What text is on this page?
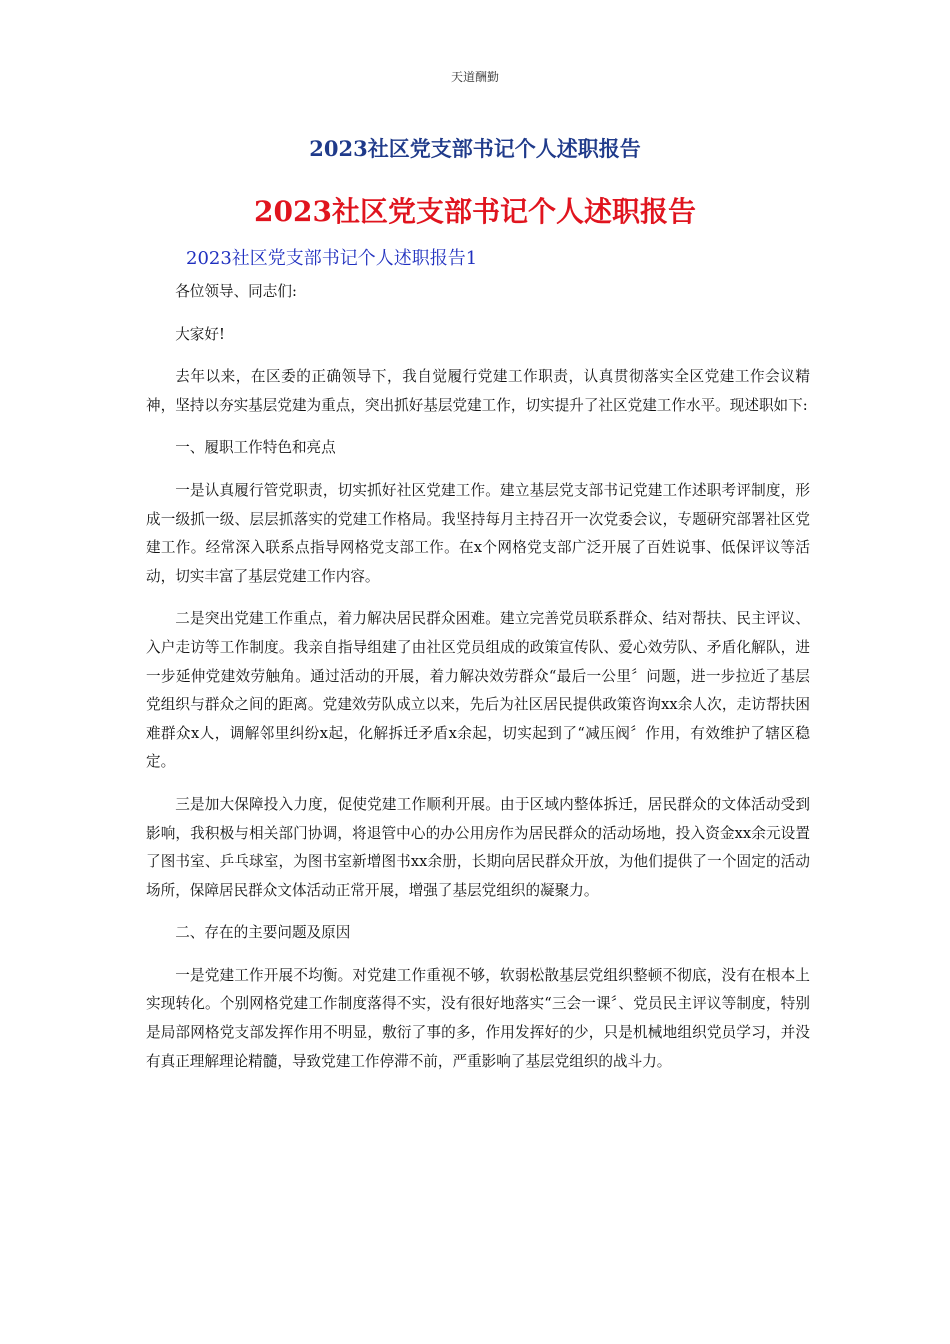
天道酬勤
2023社区党支部书记个人述职报告
2023社区党支部书记个人述职报告
2023社区党支部书记个人述职报告1

各位领导、同志们:

大家好!

去年以来，在区委的正确领导下，我自觉履行党建工作职责，认真贯彻落实全区党建工作会议精神，坚持以夯实基层党建为重点，突出抓好基层党建工作，切实提升了社区党建工作水平。现述职如下:

一、履职工作特色和亮点

一是认真履行管党职责，切实抓好社区党建工作。建立基层党支部书记党建工作述职考评制度，形成一级抓一级、层层抓落实的党建工作格局。我坚持每月主持召开一次党委会议，专题研究部署社区党建工作。经常深入联系点指导网格党支部工作。在x个网格党支部广泛开展了百姓说事、低保评议等活动，切实丰富了基层党建工作内容。

二是突出党建工作重点，着力解决居民群众困难。建立完善党员联系群众、结对帮扶、民主评议、入户走访等工作制度。我亲自指导组建了由社区党员组成的政策宣传队、爱心效劳队、矛盾化解队，进一步延伸党建效劳触角。通过活动的开展，着力解决效劳群众“最后一公里〞问题，进一步拉近了基层党组织与群众之间的距离。党建效劳队成立以来，先后为社区居民提供政策咨询xx余人次，走访帮扶困难群众x人，调解邻里纠纷x起，化解拆迁矛盾x余起，切实起到了“减压阀〞作用，有效维护了辖区稳定。

三是加大保障投入力度，促使党建工作顺利开展。由于区域内整体拆迁，居民群众的文体活动受到影响，我积极与相关部门协调，将退管中心的办公用房作为居民群众的活动场地，投入资金xx余元设置了图书室、乒乓球室，为图书室新增图书xx余册，长期向居民群众开放，为他们提供了一个固定的活动场所，保障居民群众文体活动正常开展，增强了基层党组织的凝聚力。

二、存在的主要问题及原因

一是党建工作开展不均衡。对党建工作重视不够，软弱松散基层党组织整顿不彻底，没有在根本上实现转化。个别网格党建工作制度落得不实，没有很好地落实“三会一课〞、党员民主评议等制度，特别是局部网格党支部发挥作用不明显，敷衍了事的多，作用发挥好的少，只是机械地组织党员学习，并没有真正理解理论精髓，导致党建工作停滞不前，严重影响了基层党组织的战斗力。
